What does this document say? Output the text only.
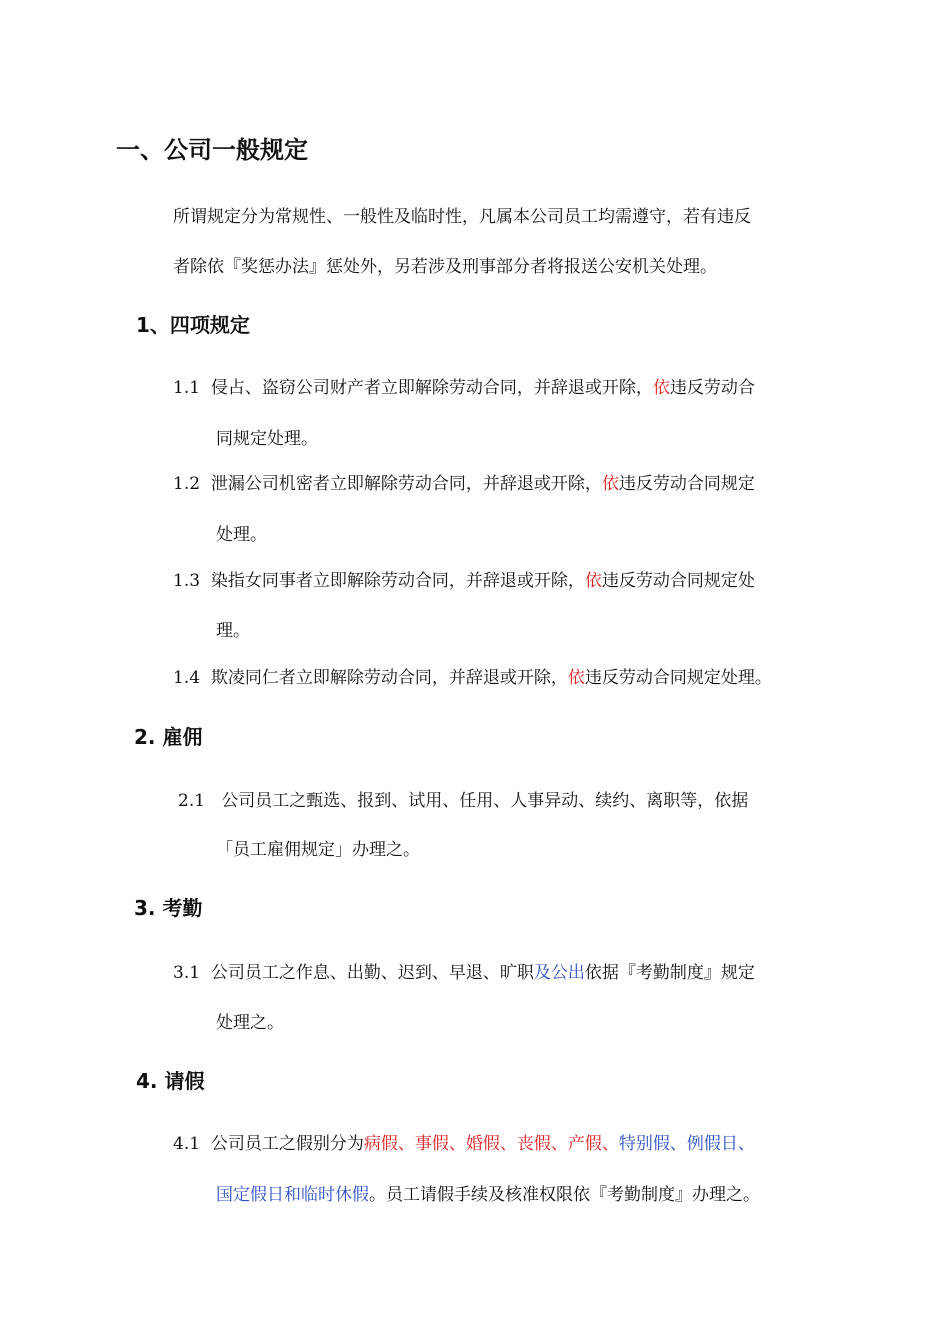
一、公司一般规定
所谓规定分为常规性、一般性及临时性，凡属本公司员工均需遵守，若有违反
者除依『奖惩办法』惩处外，另若涉及刑事部分者将报送公安机关处理。
1、四项规定
1.1 侵占、盗窃公司财产者立即解除劳动合同，并辞退或开除，依违反劳动合
同规定处理。
1.2 泄漏公司机密者立即解除劳动合同，并辞退或开除，依违反劳动合同规定
处理。
1.3 染指女同事者立即解除劳动合同，并辞退或开除，依违反劳动合同规定处
理。
1.4 欺凌同仁者立即解除劳动合同，并辞退或开除，依违反劳动合同规定处理。
2. 雇佣
2.1 公司员工之甄选、报到、试用、任用、人事异动、续约、离职等，依据
「员工雇佣规定」办理之。
3. 考勤
3.1 公司员工之作息、出勤、迟到、早退、旷职及公出依据『考勤制度』规定
处理之。
4. 请假
4.1 公司员工之假别分为病假、事假、婚假、丧假、产假、特别假、例假日、
国定假日和临时休假。员工请假手续及核准权限依『考勤制度』办理之。
